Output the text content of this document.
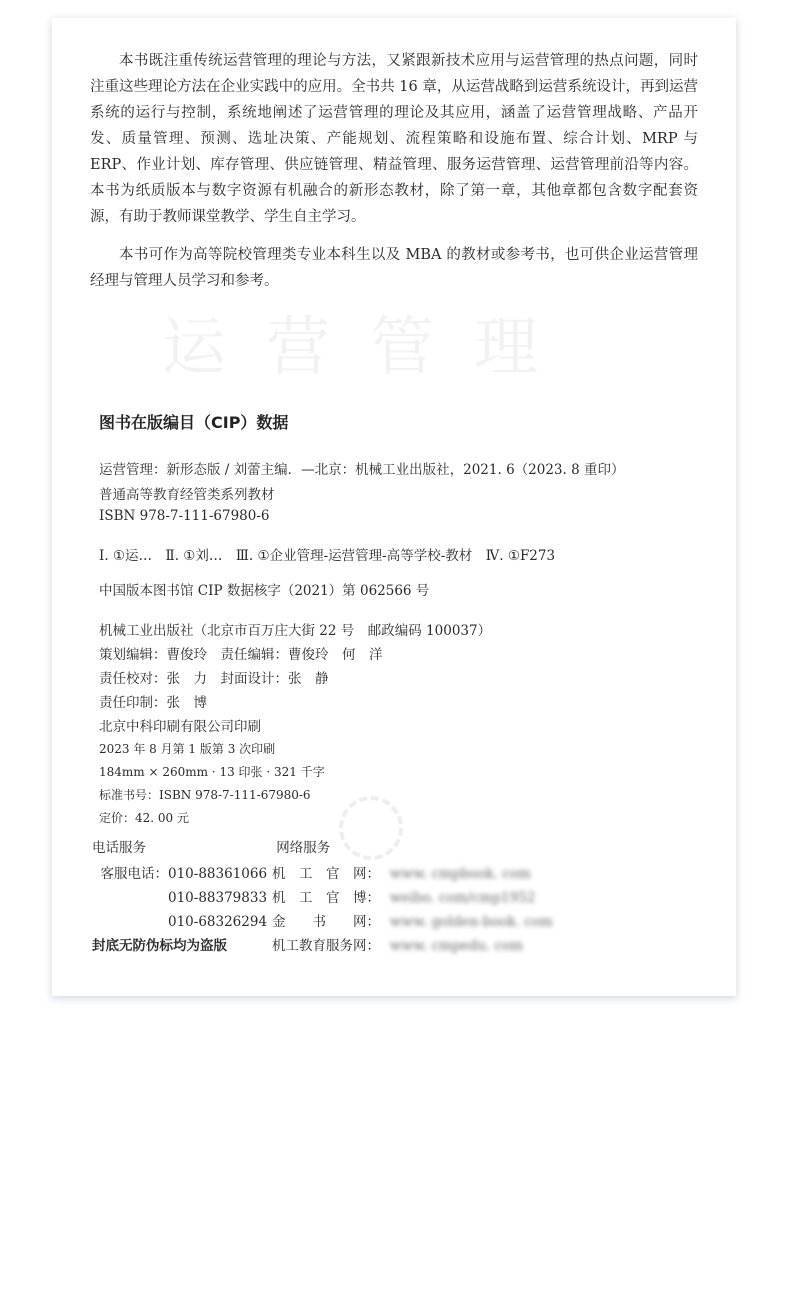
运营管理

本书既注重传统运营管理的理论与方法，又紧跟新技术应用与运营管理的热点问题，同时注重这些理论方法在企业实践中的应用。全书共 16 章，从运营战略到运营系统设计，再到运营系统的运行与控制，系统地阐述了运营管理的理论及其应用，涵盖了运营管理战略、产品开发、质量管理、预测、选址决策、产能规划、流程策略和设施布置、综合计划、MRP 与 ERP、作业计划、库存管理、供应链管理、精益管理、服务运营管理、运营管理前沿等内容。本书为纸质版本与数字资源有机融合的新形态教材，除了第一章，其他章都包含数字配套资源，有助于教师课堂教学、学生自主学习。

本书可作为高等院校管理类专业本科生以及 MBA 的教材或参考书，也可供企业运营管理经理与管理人员学习和参考。

图书在版编目（CIP）数据

运营管理：新形态版 / 刘蕾主编．—北京：机械工业出版社，2021. 6（2023. 8 重印）

普通高等教育经管类系列教材

ISBN 978-7-111-67980-6

Ⅰ. ①运…　Ⅱ. ①刘…　Ⅲ. ①企业管理-运营管理-高等学校-教材　Ⅳ. ①F273

中国版本图书馆 CIP 数据核字（2021）第 062566 号

机械工业出版社（北京市百万庄大街 22 号　邮政编码 100037）

策划编辑：曹俊玲　责任编辑：曹俊玲　何　洋

责任校对：张　力　封面设计：张　静

责任印制：张　博

北京中科印刷有限公司印刷

2023 年 8 月第 1 版第 3 次印刷

184mm × 260mm · 13 印张 · 321 千字

标准书号：ISBN 978-7-111-67980-6

定价：42. 00 元

电话服务	网络服务
客服电话：010-88361066 机　工　官　网： www. cmpbook. com
010-88379833 机　工　官　博： weibo. com/cmp1952
010-68326294 金　　书　　网： www. golden-book. com
封底无防伪标均为盗版	机工教育服务网： www. cmpedu. com
